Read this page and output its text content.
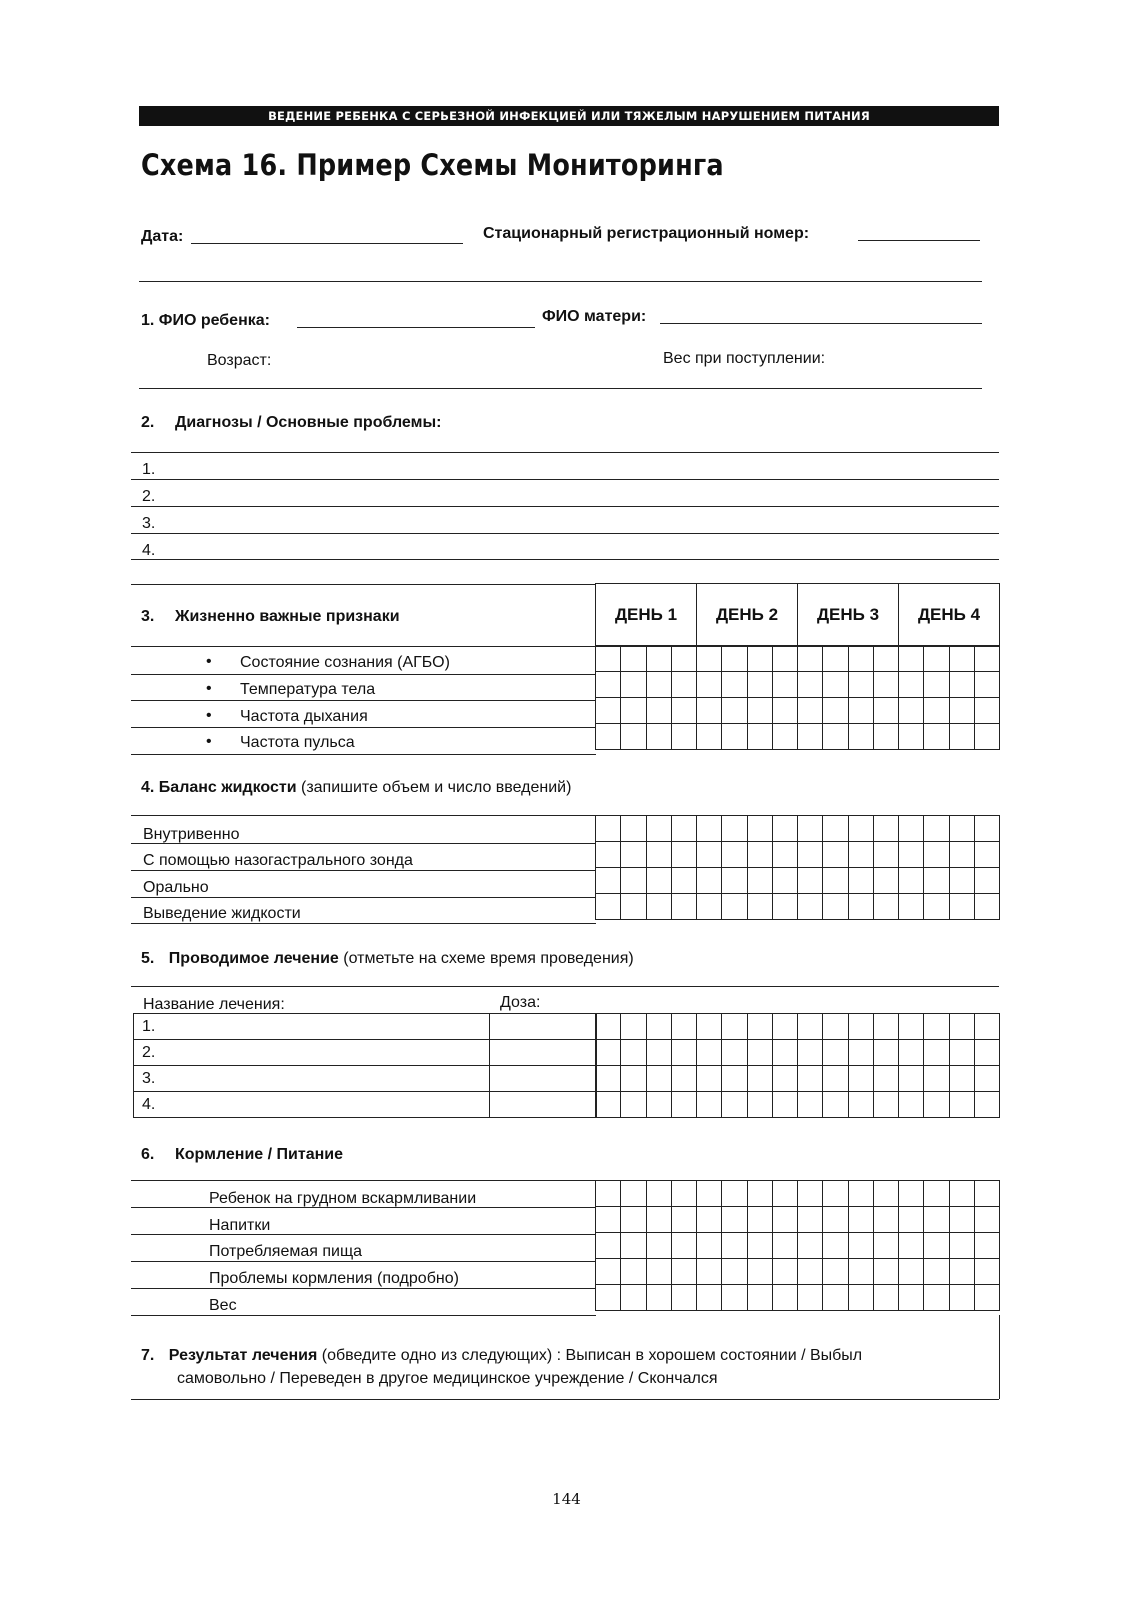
ВЕДЕНИЕ РЕБЕНКА С СЕРЬЕЗНОЙ ИНФЕКЦИЕЙ ИЛИ ТЯЖЕЛЫМ НАРУШЕНИЕМ ПИТАНИЯ
Схема 16. Пример Схемы Мониторинга
Дата:	Стационарный регистрационный номер:
1. ФИО ребенка:	ФИО матери:
Возраст:	Вес при поступлении:
2. Диагнозы / Основные проблемы:
1.
2.
3.
4.
3. Жизненно важные признаки	ДЕНЬ 1	ДЕНЬ 2	ДЕНЬ 3	ДЕНЬ 4
• Состояние сознания (АГБО)
• Температура тела
• Частота дыхания
• Частота пульса

4. Баланс жидкости (запишите объем и число введений)
Внутривенно
С помощью назогастрального зонда
Орально
Выведение жидкости

5. Проводимое лечение (отметьте на схеме время проведения)
Название лечения:	Доза:
1.	
2.	
3.	
4.	

6. Кормление / Питание
Ребенок на грудном вскармливании
Напитки
Потребляемая пища
Проблемы кормления (подробно)
Вес

7. Результат лечения (обведите одно из следующих) : Выписан в хорошем состоянии / Выбыл
самовольно / Переведен в другое медицинское учреждение / Скончался
144
